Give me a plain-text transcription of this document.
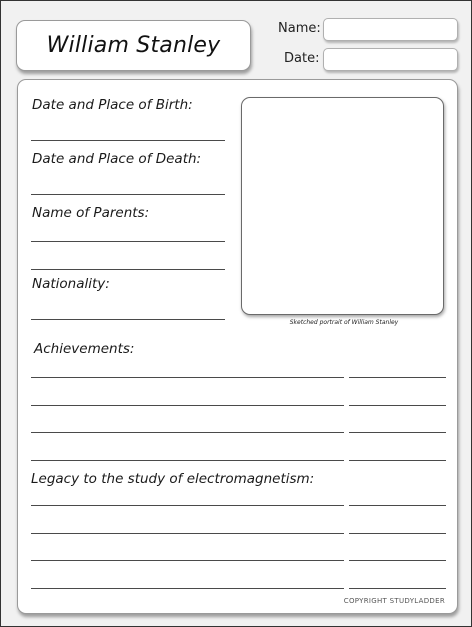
William Stanley
Name:
Date:
Date and Place of Birth:
Date and Place of Death:
Name of Parents:
Nationality:
Sketched portrait of William Stanley
Achievements:
Legacy to the study of electromagnetism:
COPYRIGHT STUDYLADDER
